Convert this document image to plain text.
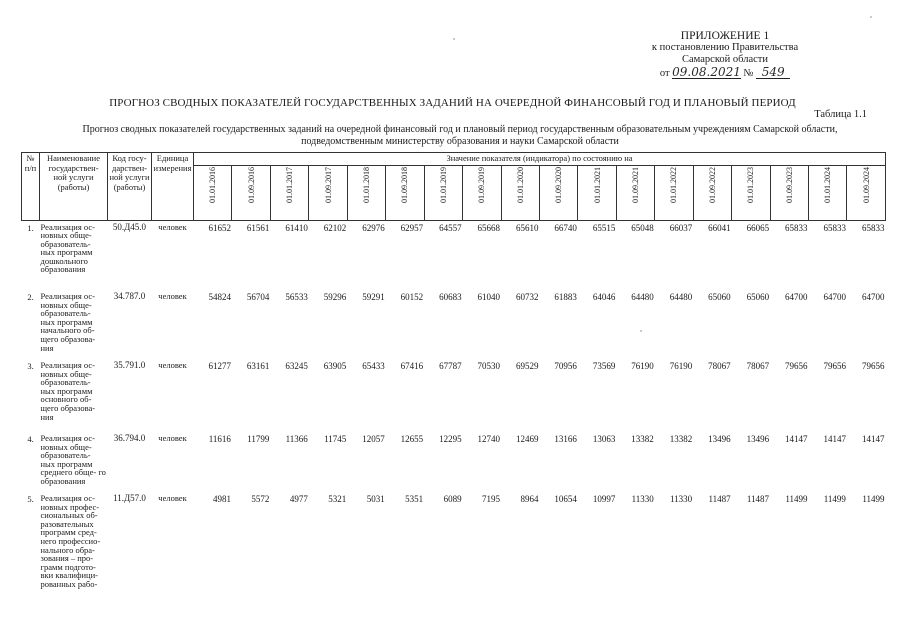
ПРИЛОЖЕНИЕ 1
к постановлению Правительства
Самарской области
от 09.08.2021 № 549
ПРОГНОЗ СВОДНЫХ ПОКАЗАТЕЛЕЙ ГОСУДАРСТВЕННЫХ ЗАДАНИЙ НА ОЧЕРЕДНОЙ ФИНАНСОВЫЙ ГОД И ПЛАНОВЫЙ ПЕРИОД
Таблица 1.1
Прогноз сводных показателей государственных заданий на очередной финансовый год и плановый период государственным образовательным учреждениям Самарской области,
подведомственным министерству образования и науки Самарской области
№ п/п	Наименование государствен- ной услуги (работы)	Код госу- дарствен- ной услуги (работы)	Единица измерения	Значение показателя (индикатора) по состоянию на																	

				01.01.2016	01.09.2016	01.01.2017	01.09.2017	01.01.2018	01.09.2018	01.01.2019	01.09.2019	01.01.2020	01.09.2020	01.01.2021	01.09.2021	01.01.2022	01.09.2022	01.01.2023	01.09.2023	01.01.2024	01.09.2024

1.	Реализация ос- новных обще- образователь- ных программ дошкольного образования	50.Д45.0	человек	61652	61561	61410	62102	62976	62957	64557	65668	65610	66740	65515	65048	66037	66041	66065	65833	65833	65833
2.	Реализация ос- новных обще- образователь- ных программ начального об- щего образова- ния	34.787.0	человек	54824	56704	56533	59296	59291	60152	60683	61040	60732	61883	64046	64480	64480	65060	65060	64700	64700	64700
3.	Реализация ос- новных обще- образователь- ных программ основного об- щего образова- ния	35.791.0	человек	61277	63161	63245	63905	65433	67416	67787	70530	69529	70956	73569	76190	76190	78067	78067	79656	79656	79656
4.	Реализация ос- новных обще- образователь- ных программ среднего обще- го образования	36.794.0	человек	11616	11799	11366	11745	12057	12655	12295	12740	12469	13166	13063	13382	13382	13496	13496	14147	14147	14147
5.	Реализация ос- новных профес- сиональных об- разовательных программ сред- него профессио- нального обра- зования – про- грамм подгото- вки квалифици- рованных рабо-	11.Д57.0	человек	4981	5572	4977	5321	5031	5351	6089	7195	8964	10654	10997	11330	11330	11487	11487	11499	11499	11499
